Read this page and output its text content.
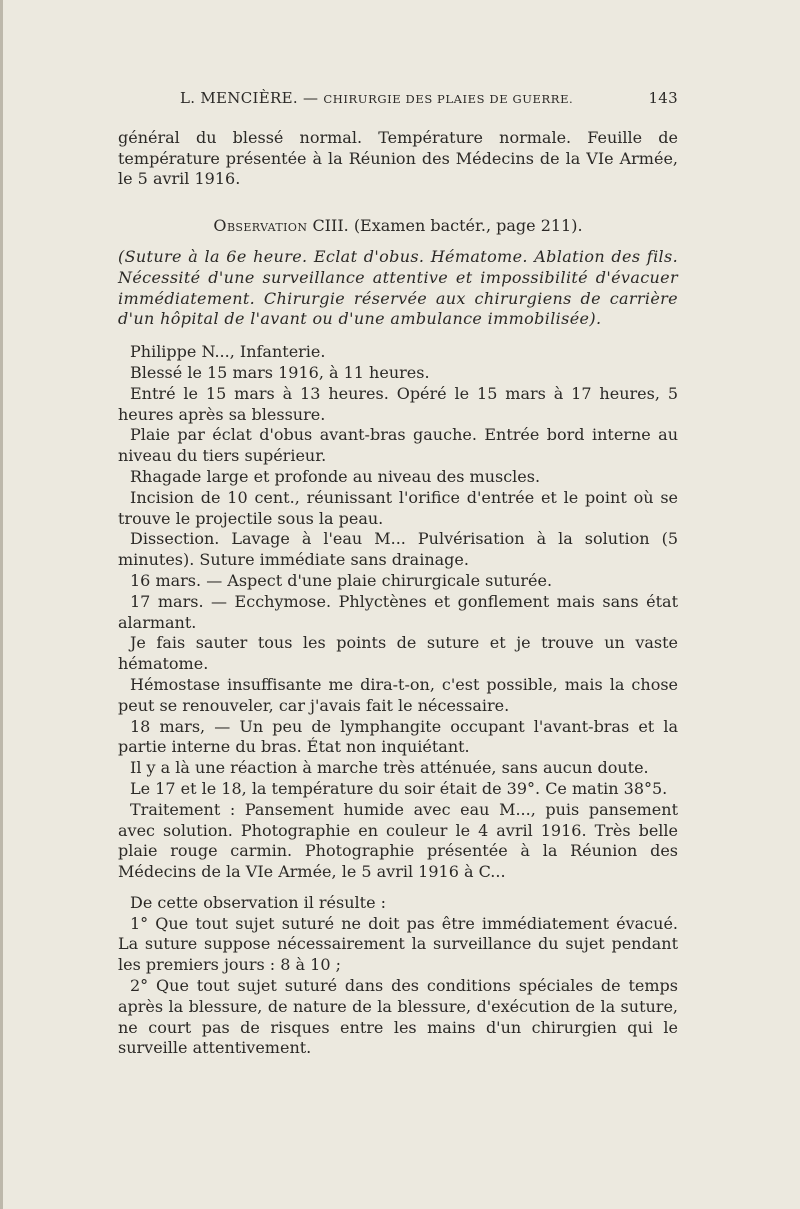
L. MENCIÈRE. — CHIRURGIE DES PLAIES DE GUERRE.	143

général du blessé normal. Température normale. Feuille de température présentée à la Réunion des Médecins de la VIe Armée, le 5 avril 1916.

Observation CIII. (Examen bactér., page 211).

(Suture à la 6e heure. Eclat d'obus. Hématome. Ablation des fils. Nécessité d'une surveillance attentive et impossibilité d'évacuer immédiatement. Chirurgie réservée aux chirurgiens de carrière d'un hôpital de l'avant ou d'une ambulance immobilisée).

Philippe N..., Infanterie.

Blessé le 15 mars 1916, à 11 heures.

Entré le 15 mars à 13 heures. Opéré le 15 mars à 17 heures, 5 heures après sa blessure.

Plaie par éclat d'obus avant-bras gauche. Entrée bord interne au niveau du tiers supérieur.

Rhagade large et profonde au niveau des muscles.

Incision de 10 cent., réunissant l'orifice d'entrée et le point où se trouve le projectile sous la peau.

Dissection. Lavage à l'eau M... Pulvérisation à la solution (5 minutes). Suture immédiate sans drainage.

16 mars. — Aspect d'une plaie chirurgicale suturée.

17 mars. — Ecchymose. Phlyctènes et gonflement mais sans état alarmant.

Je fais sauter tous les points de suture et je trouve un vaste hématome.

Hémostase insuffisante me dira-t-on, c'est possible, mais la chose peut se renouveler, car j'avais fait le nécessaire.

18 mars, — Un peu de lymphangite occupant l'avant-bras et la partie interne du bras. État non inquiétant.

Il y a là une réaction à marche très atténuée, sans aucun doute.

Le 17 et le 18, la température du soir était de 39°. Ce matin 38°5.

Traitement : Pansement humide avec eau M..., puis pansement avec solution. Photographie en couleur le 4 avril 1916. Très belle plaie rouge carmin. Photographie présentée à la Réunion des Médecins de la VIe Armée, le 5 avril 1916 à C...

De cette observation il résulte :

1° Que tout sujet suturé ne doit pas être immédiatement évacué. La suture suppose nécessairement la surveillance du sujet pendant les premiers jours : 8 à 10 ;

2° Que tout sujet suturé dans des conditions spéciales de temps après la blessure, de nature de la blessure, d'exécution de la suture, ne court pas de risques entre les mains d'un chirurgien qui le surveille attentivement.
